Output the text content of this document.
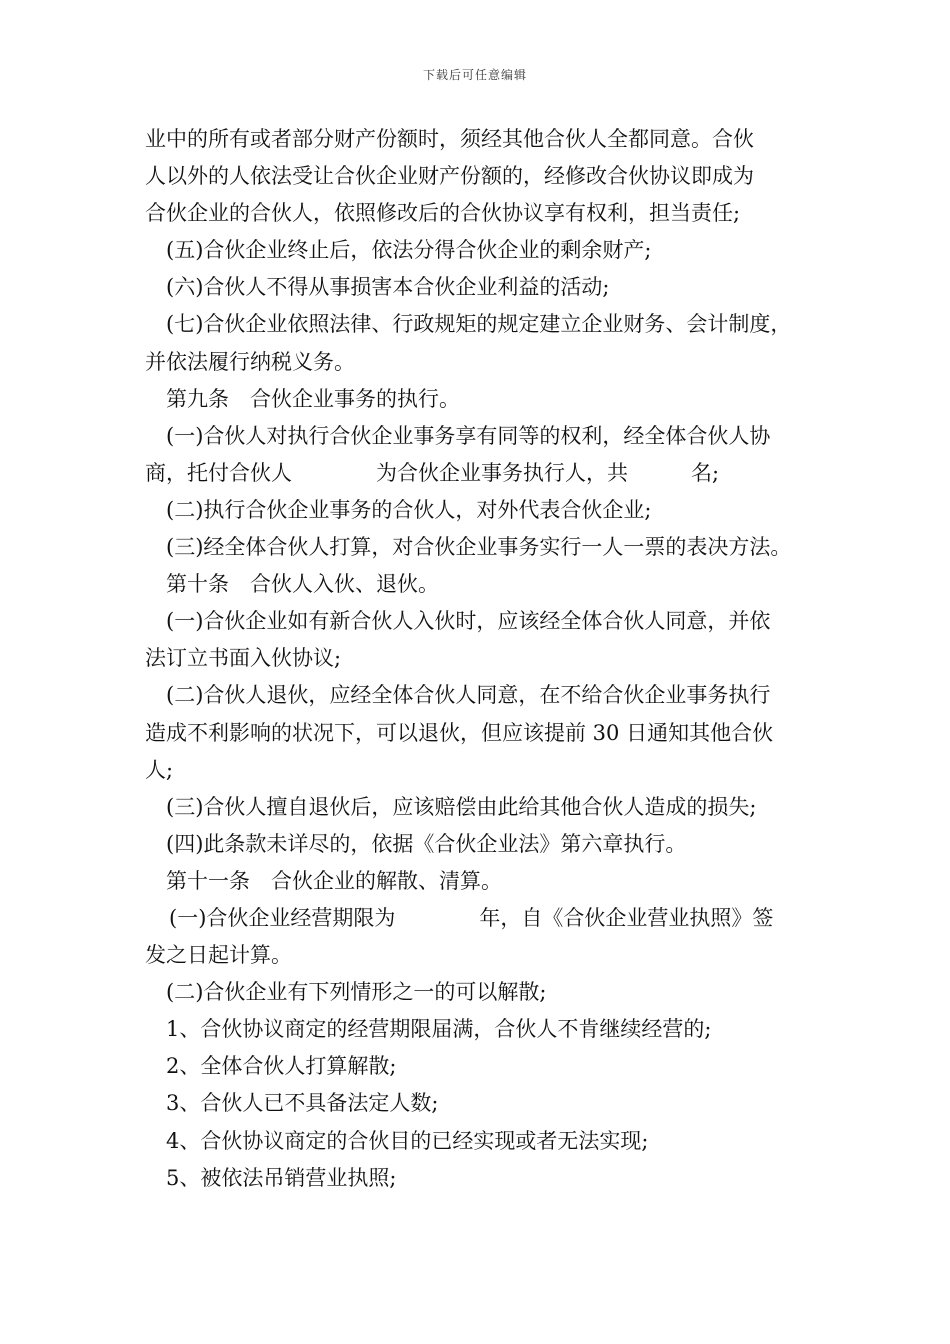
下载后可任意编辑
业中的所有或者部分财产份额时，须经其他合伙人全都同意。合伙
人以外的人依法受让合伙企业财产份额的，经修改合伙协议即成为
合伙企业的合伙人，依照修改后的合伙协议享有权利，担当责任;
(五)合伙企业终止后，依法分得合伙企业的剩余财产;
(六)合伙人不得从事损害本合伙企业利益的活动;
(七)合伙企业依照法律、行政规矩的规定建立企业财务、会计制度，
并依法履行纳税义务。
第九条　合伙企业事务的执行。
(一)合伙人对执行合伙企业事务享有同等的权利，经全体合伙人协
商，托付合伙人　　　　为合伙企业事务执行人，共　　　名;
(二)执行合伙企业事务的合伙人，对外代表合伙企业;
(三)经全体合伙人打算，对合伙企业事务实行一人一票的表决方法。
第十条　合伙人入伙、退伙。
(一)合伙企业如有新合伙人入伙时，应该经全体合伙人同意，并依
法订立书面入伙协议;
(二)合伙人退伙，应经全体合伙人同意，在不给合伙企业事务执行
造成不利影响的状况下，可以退伙，但应该提前 30 日通知其他合伙
人;
(三)合伙人擅自退伙后，应该赔偿由此给其他合伙人造成的损失;
(四)此条款未详尽的，依据《合伙企业法》第六章执行。
第十一条　合伙企业的解散、清算。
(一)合伙企业经营期限为　　　　年，自《合伙企业营业执照》签
发之日起计算。
(二)合伙企业有下列情形之一的可以解散;
1、合伙协议商定的经营期限届满，合伙人不肯继续经营的;
2、全体合伙人打算解散;
3、合伙人已不具备法定人数;
4、合伙协议商定的合伙目的已经实现或者无法实现;
5、被依法吊销营业执照;
